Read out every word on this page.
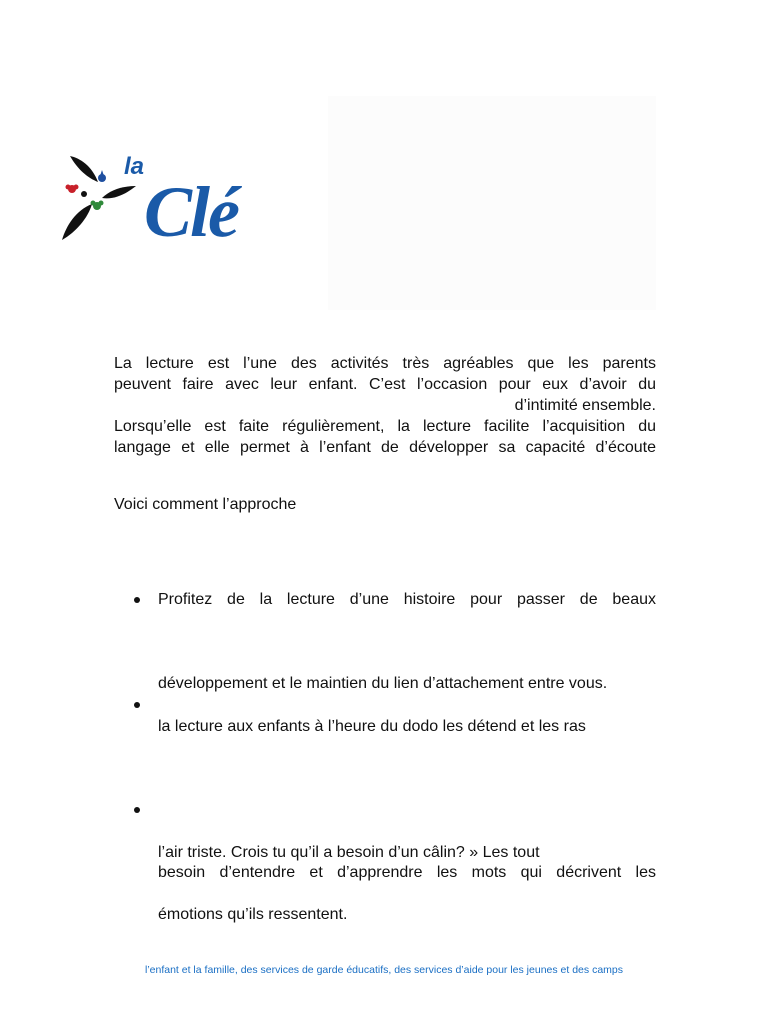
la
Clé
La lecture est l’une des activités très agréables que les parents
peuvent faire avec leur enfant. C’est l’occasion pour eux d’avoir du
d’intimité ensemble.
Lorsqu’elle est faite régulièrement, la lecture facilite l’acquisition du
langage et elle permet à l’enfant de développer sa capacité d’écoute
Voici comment l’approche
Profitez de la lecture d’une histoire pour passer de beaux
développement et le maintien du lien d’attachement entre vous.
la lecture aux enfants à l’heure du dodo les détend et les ras
l’air triste. Crois tu qu’il a besoin d’un câlin? » Les tout
besoin d’entendre et d’apprendre les mots qui décrivent les
émotions qu’ils ressentent.
l’enfant et la famille, des services de garde éducatifs, des services d’aide pour les jeunes et des camps
